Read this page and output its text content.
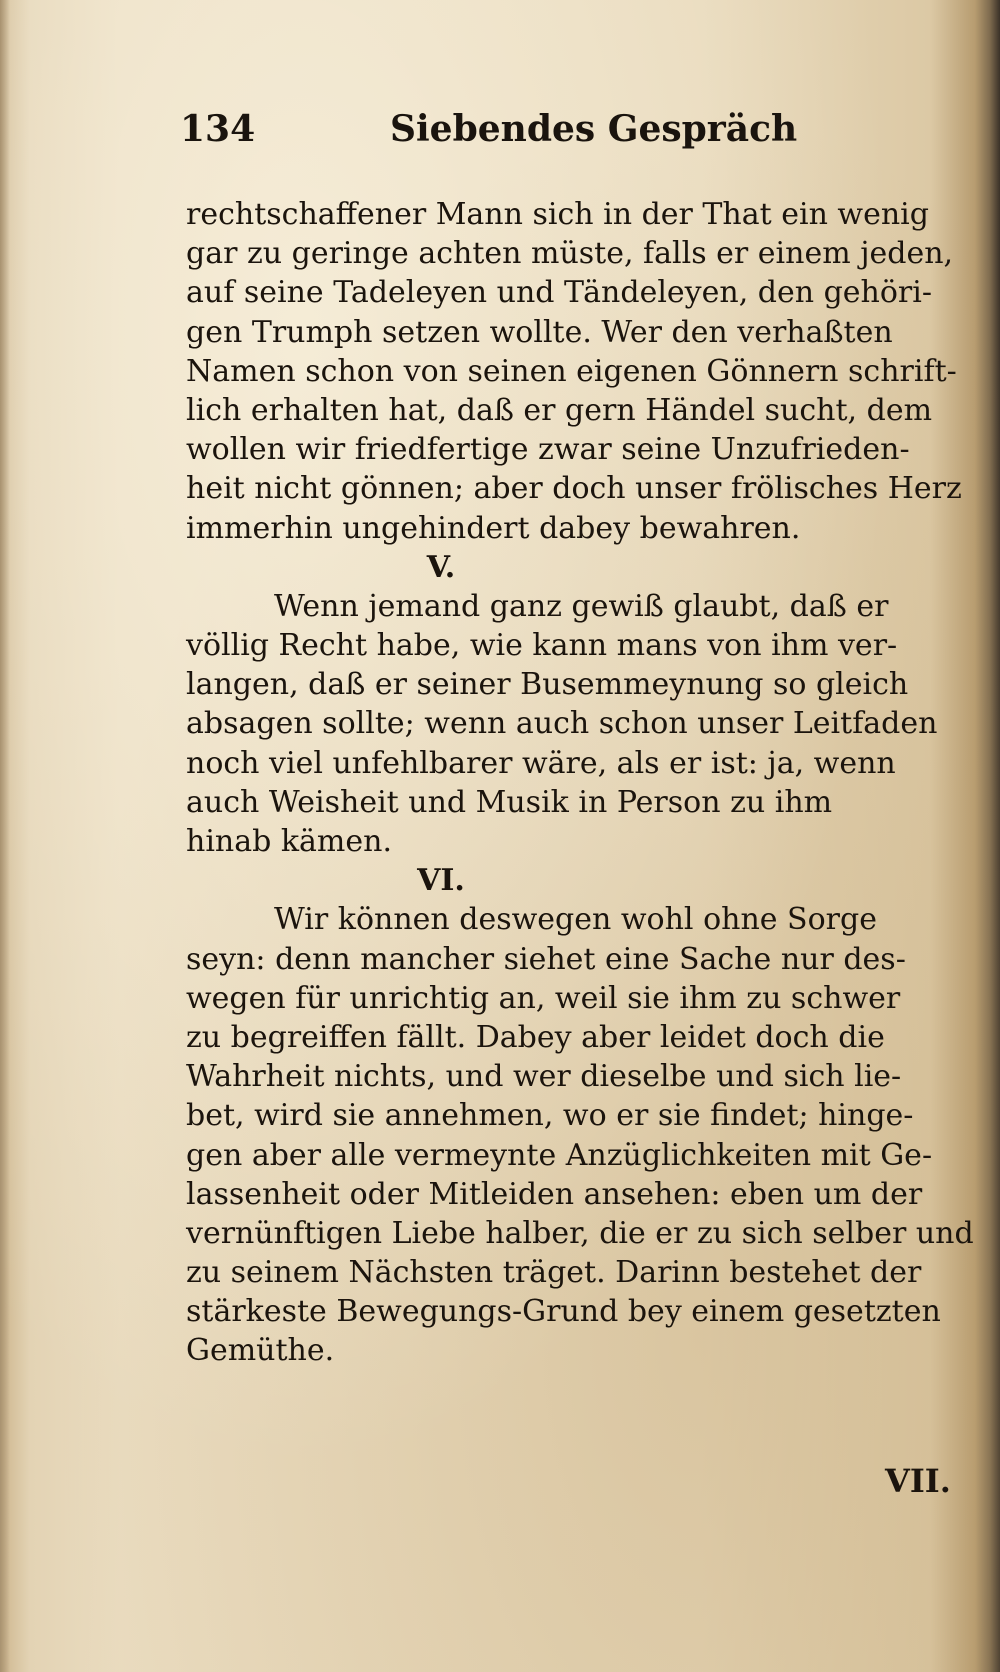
134	Siebendes Gespräch
rechtschaffener Mann sich in der That ein wenig
gar zu geringe achten müste, falls er einem jeden,
auf seine Tadeleyen und Tändeleyen, den gehöri-
gen Trumph setzen wollte. Wer den verhaßten
Namen schon von seinen eigenen Gönnern schrift-
lich erhalten hat, daß er gern Händel sucht, dem
wollen wir friedfertige zwar seine Unzufrieden-
heit nicht gönnen; aber doch unser frölisches Herz
immerhin ungehindert dabey bewahren.
V.
Wenn jemand ganz gewiß glaubt, daß er
völlig Recht habe, wie kann mans von ihm ver-
langen, daß er seiner Busemmeynung so gleich
absagen sollte; wenn auch schon unser Leitfaden
noch viel unfehlbarer wäre, als er ist: ja, wenn
auch Weisheit und Musik in Person zu ihm
hinab kämen.
VI.
Wir können deswegen wohl ohne Sorge
seyn: denn mancher siehet eine Sache nur des-
wegen für unrichtig an, weil sie ihm zu schwer
zu begreiffen fällt. Dabey aber leidet doch die
Wahrheit nichts, und wer dieselbe und sich lie-
bet, wird sie annehmen, wo er sie findet; hinge-
gen aber alle vermeynte Anzüglichkeiten mit Ge-
lassenheit oder Mitleiden ansehen: eben um der
vernünftigen Liebe halber, die er zu sich selber und
zu seinem Nächsten träget. Darinn bestehet der
stärkeste Bewegungs-Grund bey einem gesetzten
Gemüthe.
VII.
